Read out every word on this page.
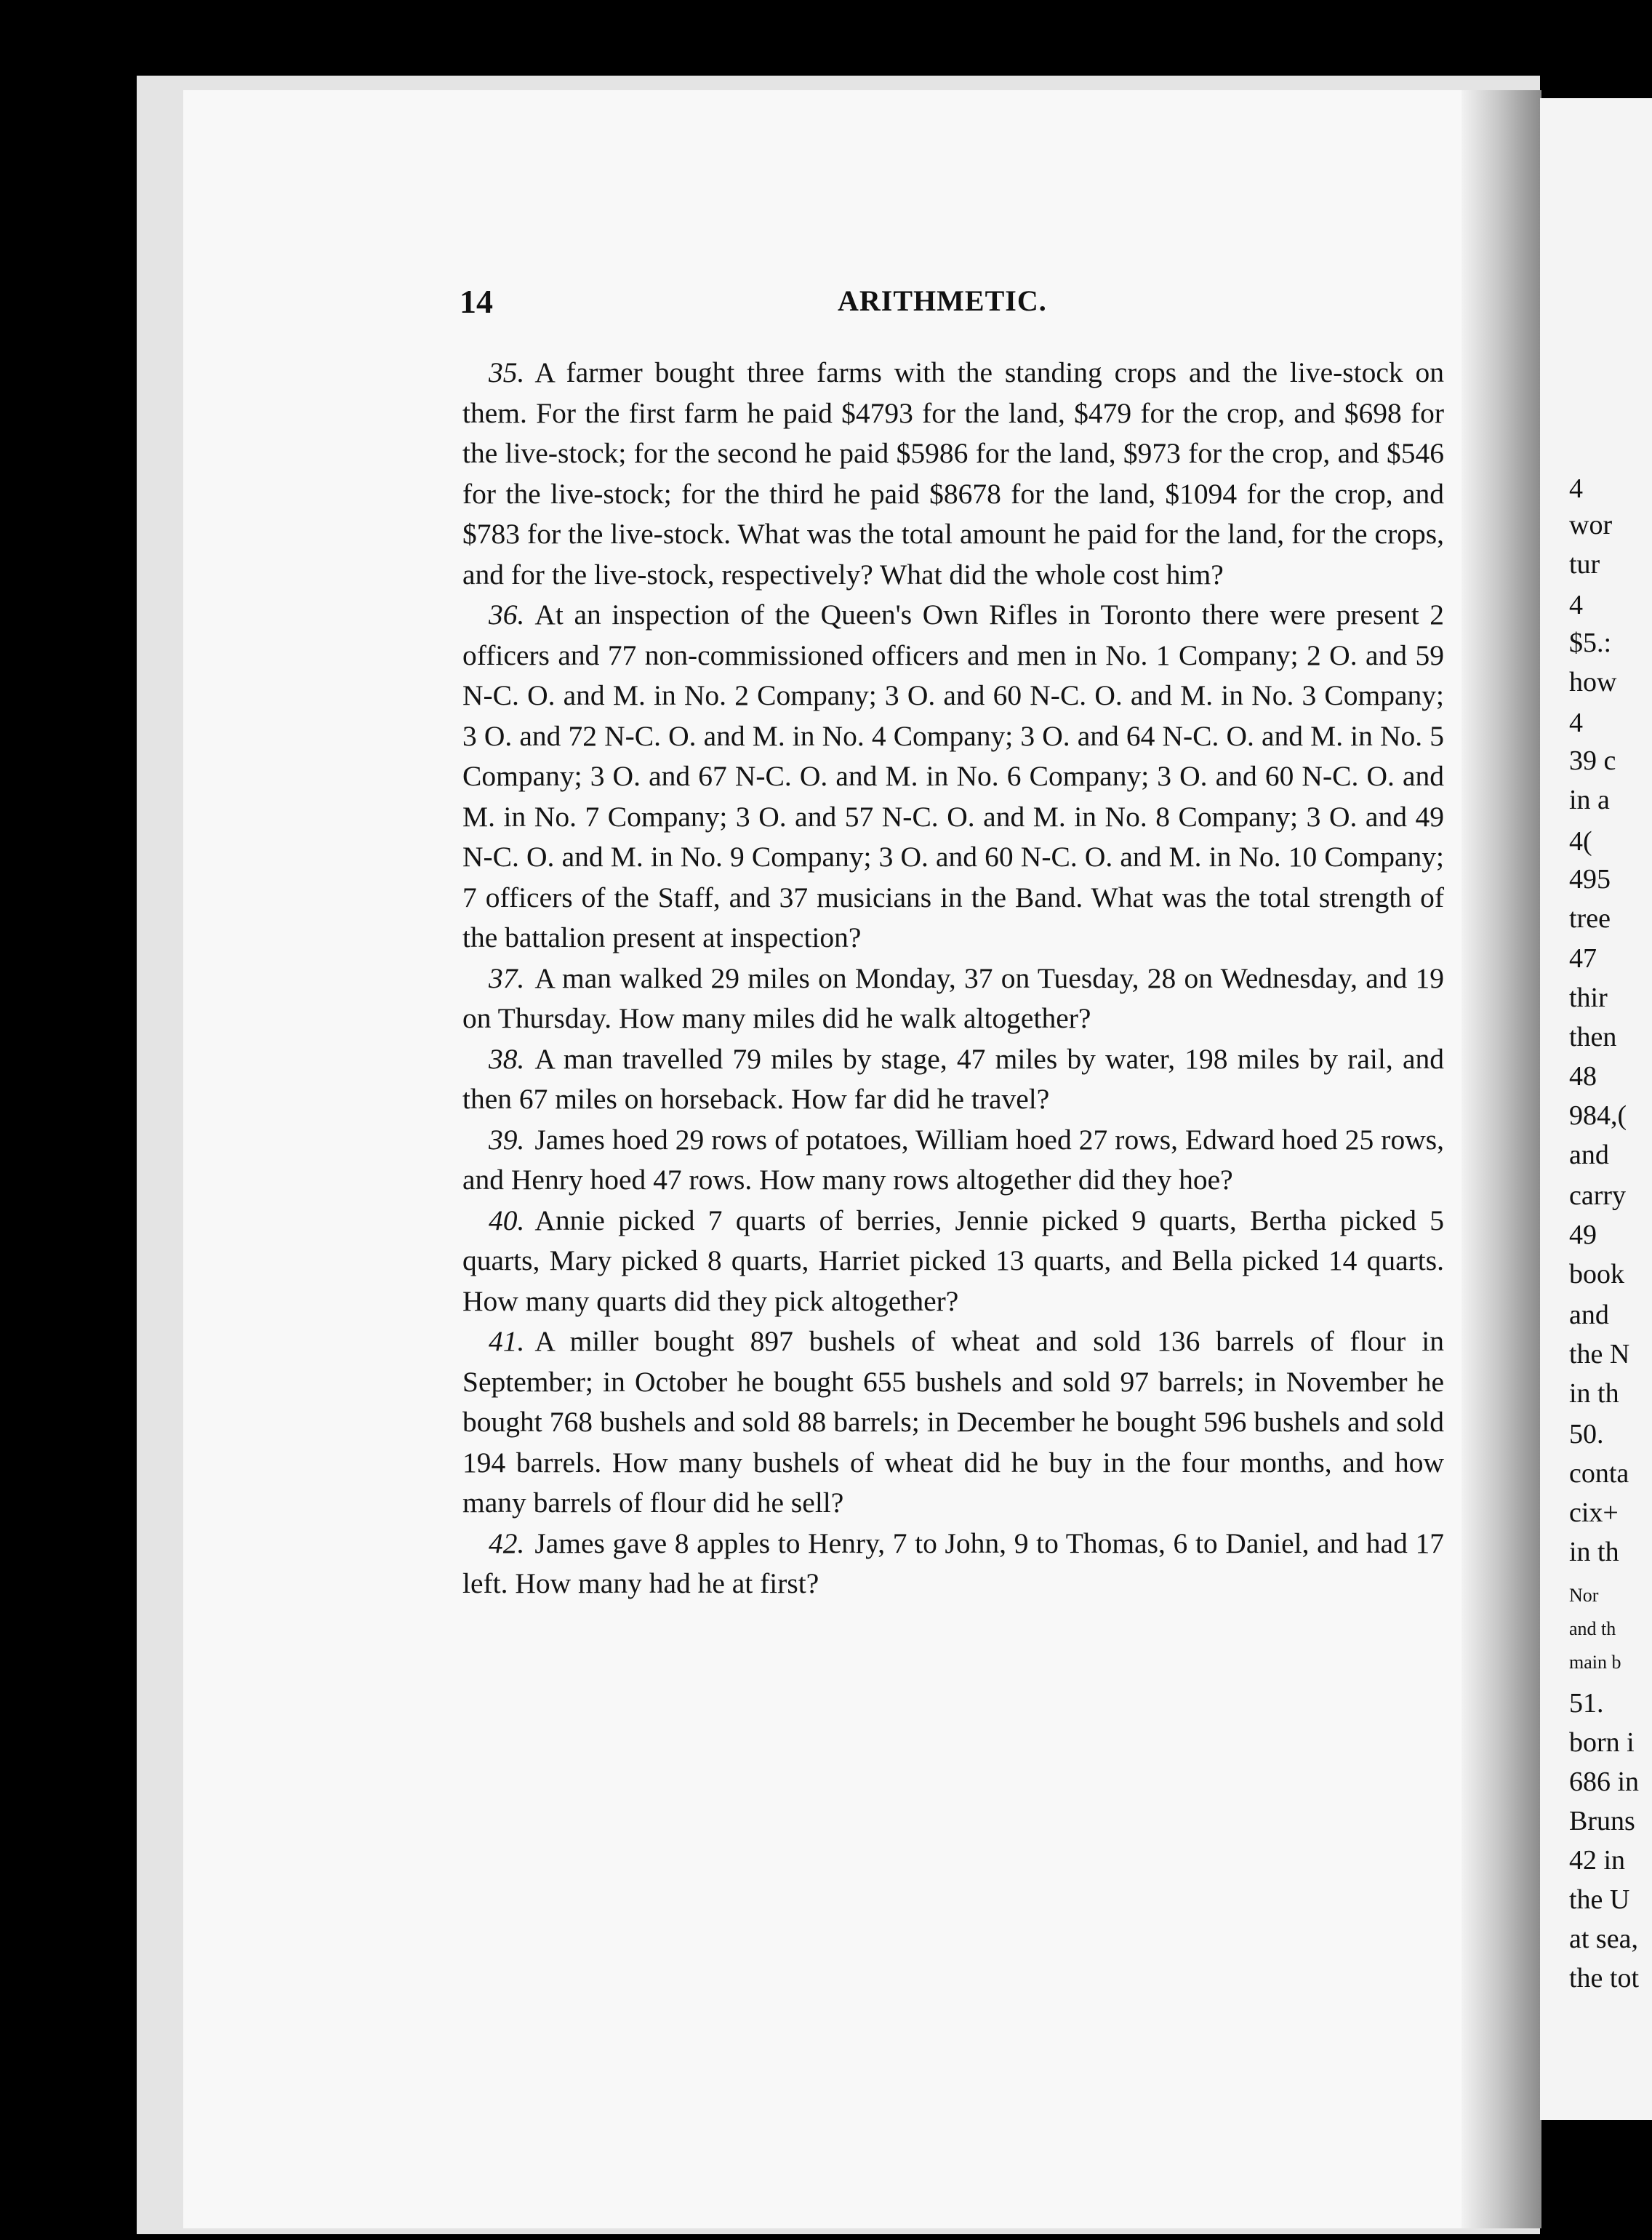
4
wor
tur
4
$5.:
how
4
39 c
in a
4(
495
tree
47
thir
then
48
984,(
and
carry
49
book
and
the N
in th
50.
conta
cix+
in th
Nor
and th
main b
51.
born i
686 in
Bruns
42 in
the U
at sea,
the tot
14	ARITHMETIC.

35. A farmer bought three farms with the standing crops and the live-stock on them. For the first farm he paid $4793 for the land, $479 for the crop, and $698 for the live-stock; for the second he paid $5986 for the land, $973 for the crop, and $546 for the live-stock; for the third he paid $8678 for the land, $1094 for the crop, and $783 for the live-stock. What was the total amount he paid for the land, for the crops, and for the live-stock, respectively? What did the whole cost him?

36. At an inspection of the Queen's Own Rifles in Toronto there were present 2 officers and 77 non-commissioned officers and men in No. 1 Company; 2 O. and 59 N-C. O. and M. in No. 2 Company; 3 O. and 60 N-C. O. and M. in No. 3 Company; 3 O. and 72 N-C. O. and M. in No. 4 Company; 3 O. and 64 N-C. O. and M. in No. 5 Company; 3 O. and 67 N-C. O. and M. in No. 6 Company; 3 O. and 60 N-C. O. and M. in No. 7 Company; 3 O. and 57 N-C. O. and M. in No. 8 Company; 3 O. and 49 N-C. O. and M. in No. 9 Company; 3 O. and 60 N-C. O. and M. in No. 10 Company; 7 officers of the Staff, and 37 musicians in the Band. What was the total strength of the battalion present at inspection?

37. A man walked 29 miles on Monday, 37 on Tuesday, 28 on Wednesday, and 19 on Thursday. How many miles did he walk altogether?

38. A man travelled 79 miles by stage, 47 miles by water, 198 miles by rail, and then 67 miles on horseback. How far did he travel?

39. James hoed 29 rows of potatoes, William hoed 27 rows, Edward hoed 25 rows, and Henry hoed 47 rows. How many rows altogether did they hoe?

40. Annie picked 7 quarts of berries, Jennie picked 9 quarts, Bertha picked 5 quarts, Mary picked 8 quarts, Harriet picked 13 quarts, and Bella picked 14 quarts. How many quarts did they pick altogether?

41. A miller bought 897 bushels of wheat and sold 136 barrels of flour in September; in October he bought 655 bushels and sold 97 barrels; in November he bought 768 bushels and sold 88 barrels; in December he bought 596 bushels and sold 194 barrels. How many bushels of wheat did he buy in the four months, and how many barrels of flour did he sell?

42. James gave 8 apples to Henry, 7 to John, 9 to Thomas, 6 to Daniel, and had 17 left. How many had he at first?
